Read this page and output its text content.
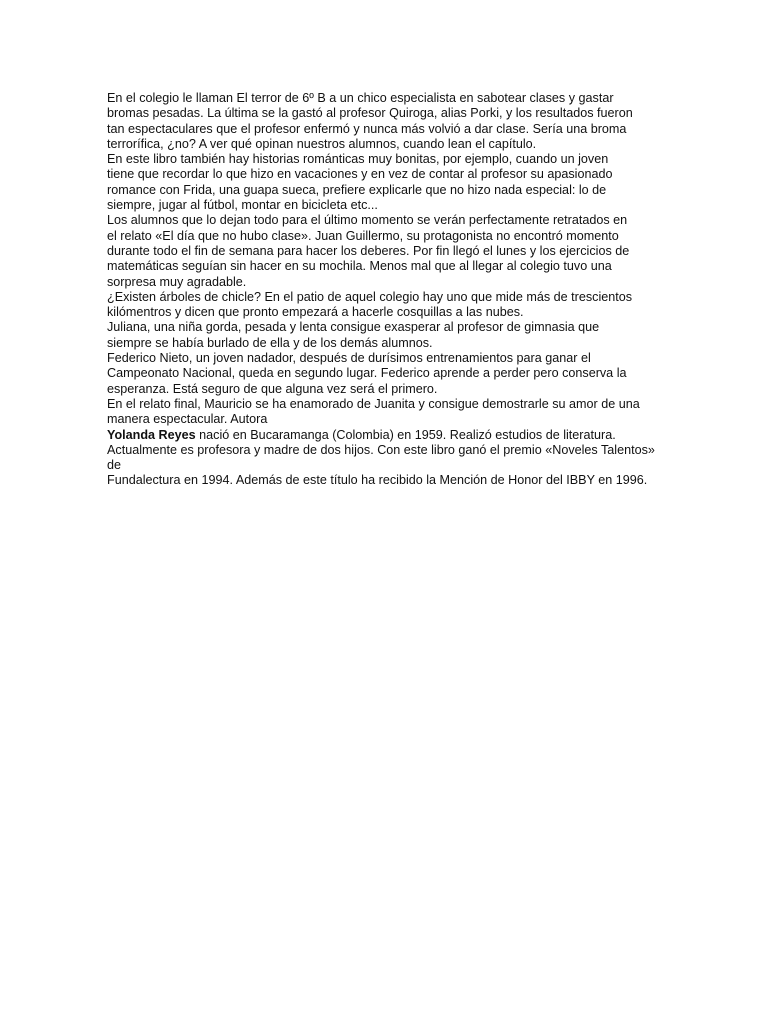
En el colegio le llaman El terror de 6º B a un chico especialista en sabotear clases y gastar
bromas pesadas. La última se la gastó al profesor Quiroga, alias Porki, y los resultados fueron
tan espectaculares que el profesor enfermó y nunca más volvió a dar clase. Sería una broma
terrorífica, ¿no? A ver qué opinan nuestros alumnos, cuando lean el capítulo.
En este libro también hay historias románticas muy bonitas, por ejemplo, cuando un joven
tiene que recordar lo que hizo en vacaciones y en vez de contar al profesor su apasionado
romance con Frida, una guapa sueca, prefiere explicarle que no hizo nada especial: lo de
siempre, jugar al fútbol, montar en bicicleta etc...
Los alumnos que lo dejan todo para el último momento se verán perfectamente retratados en
el relato «El día que no hubo clase». Juan Guillermo, su protagonista no encontró momento
durante todo el fin de semana para hacer los deberes. Por fin llegó el lunes y los ejercicios de
matemáticas seguían sin hacer en su mochila. Menos mal que al llegar al colegio tuvo una
sorpresa muy agradable.
¿Existen árboles de chicle? En el patio de aquel colegio hay uno que mide más de trescientos
kilómentros y dicen que pronto empezará a hacerle cosquillas a las nubes.
Juliana, una niña gorda, pesada y lenta consigue exasperar al profesor de gimnasia que
siempre se había burlado de ella y de los demás alumnos.
Federico Nieto, un joven nadador, después de durísimos entrenamientos para ganar el
Campeonato Nacional, queda en segundo lugar. Federico aprende a perder pero conserva la
esperanza. Está seguro de que alguna vez será el primero.
En el relato final, Mauricio se ha enamorado de Juanita y consigue demostrarle su amor de una
manera espectacular. Autora
Yolanda Reyes nació en Bucaramanga (Colombia) en 1959. Realizó estudios de literatura.
Actualmente es profesora y madre de dos hijos. Con este libro ganó el premio «Noveles Talentos»
de
Fundalectura en 1994. Además de este título ha recibido la Mención de Honor del IBBY en 1996.
